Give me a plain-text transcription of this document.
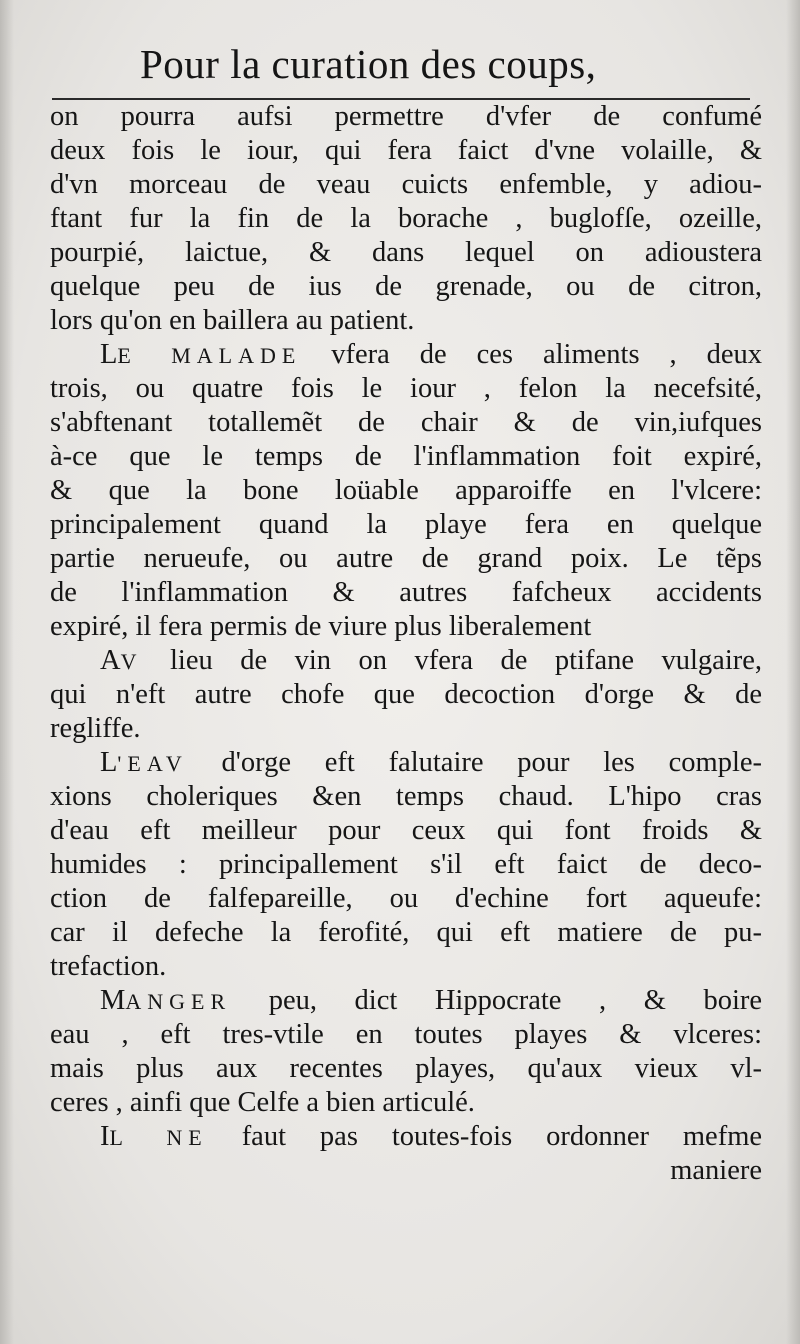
Pour la curation des coups,
on pourra aufsi permettre d'vfer de confumé
deux fois le iour, qui fera faict d'vne volaille, &
d'vn morceau de veau cuicts enfemble, y adiou-
ftant fur la fin de la borache , buglofſe, ozeille,
pourpié, laictue, & dans lequel on adioustera
quelque peu de ius de grenade, ou de citron,
lors qu'on en baillera au patient.
LE MALADE vfera de ces aliments , deux
trois, ou quatre fois le iour , felon la necefsité,
s'abftenant totallemẽt de chair & de vin,iufques
à-ce que le temps de l'inflammation foit expiré,
& que la bone loüable apparoiffe en l'vlcere:
principalement quand la playe fera en quelque
partie nerueufe, ou autre de grand poix. Le tẽps
de l'inflammation & autres fafcheux accidents
expiré, il fera permis de viure plus liberalement
AV lieu de vin on vfera de ptifane vulgaire,
qui n'eft autre chofe que decoction d'orge & de
regliffe.
L'EAV d'orge eft falutaire pour les comple-
xions choleriques &en temps chaud. L'hipo cras
d'eau eft meilleur pour ceux qui font froids &
humides : principallement s'il eft faict de deco-
ction de falfepareille, ou d'echine fort aqueufe:
car il defeche la ferofité, qui eft matiere de pu-
trefaction.
MANGER peu, dict Hippocrate , & boire
eau , eft tres-vtile en toutes playes & vlceres:
mais plus aux recentes playes, qu'aux vieux vl-
ceres , ainfi que Celfe a bien articulé.
IL NE faut pas toutes-fois ordonner mefme
maniere
